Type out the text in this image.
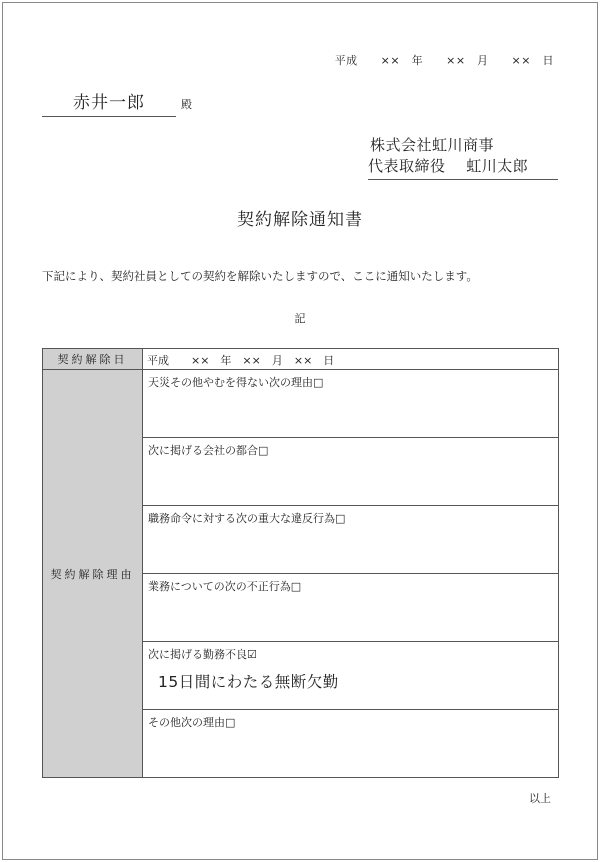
平成　　××　年　　××　月　　××　日
赤井一郎	殿
株式会社虹川商事
代表取締役　 虹川太郎
契約解除通知書
下記により、契約社員としての契約を解除いたしますので、ここに通知いたします。
記
契約解除日	平成　　××　年　××　月　××　日

契約解除理由	天災その他やむを得ない次の理由□

	次に掲げる会社の都合□

	職務命令に対する次の重大な違反行為□

	業務についての次の不正行為□

	次に掲げる勤務不良☑
15日間にわたる無断欠勤

	その他次の理由□
以上
